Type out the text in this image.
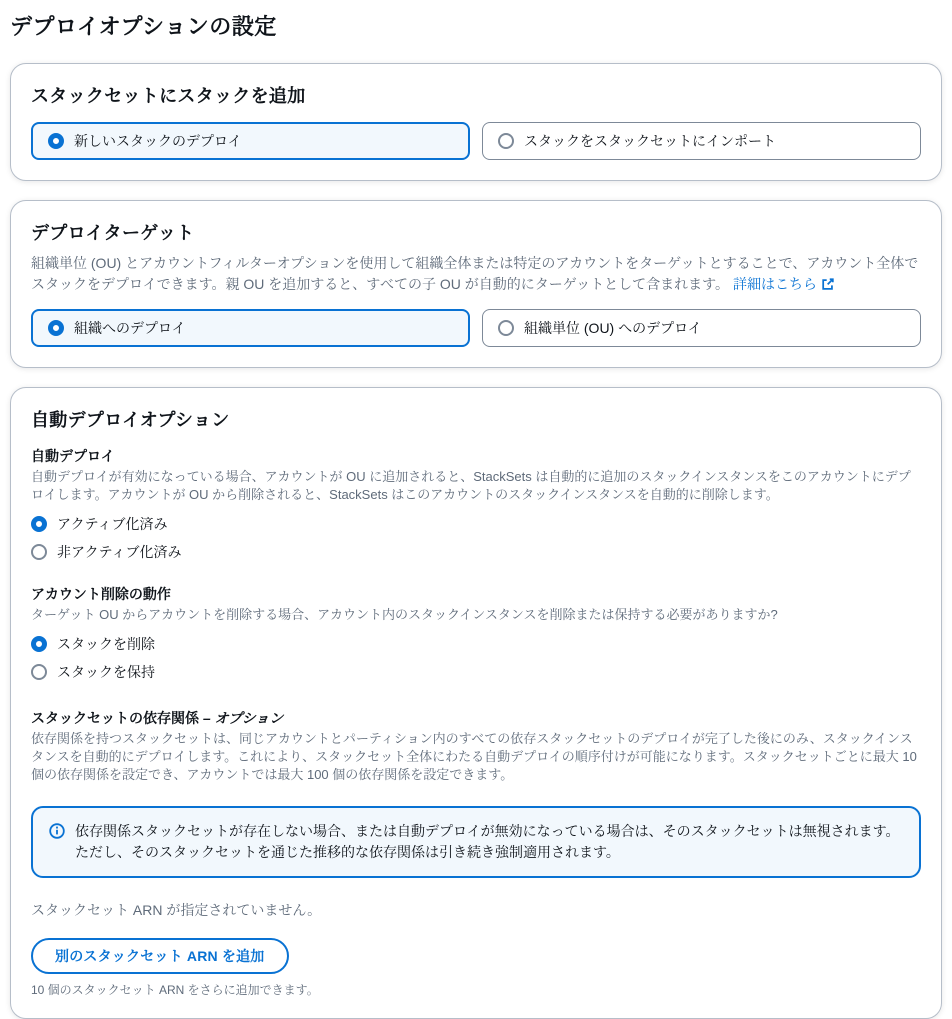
デプロイオプションの設定
スタックセットにスタックを追加
新しいスタックのデプロイ	スタックをスタックセットにインポート
デプロイターゲット

組織単位 (OU) とアカウントフィルターオプションを使用して組織全体または特定のアカウントをターゲットとすることで、アカウント全体でスタックをデプロイできます。親 OU を追加すると、すべての子 OU が自動的にターゲットとして含まれます。 詳細はこちら

組織へのデプロイ	組織単位 (OU) へのデプロイ
自動デプロイオプション
自動デプロイ
自動デプロイが有効になっている場合、アカウントが OU に追加されると、StackSets は自動的に追加のスタックインスタンスをこのアカウントにデプロイします。アカウントが OU から削除されると、StackSets はこのアカウントのスタックインスタンスを自動的に削除します。
アクティブ化済み
非アクティブ化済み
アカウント削除の動作
ターゲット OU からアカウントを削除する場合、アカウント内のスタックインスタンスを削除または保持する必要がありますか?
スタックを削除
スタックを保持
スタックセットの依存関係 – オプション
依存関係を持つスタックセットは、同じアカウントとパーティション内のすべての依存スタックセットのデプロイが完了した後にのみ、スタックインスタンスを自動的にデプロイします。これにより、スタックセット全体にわたる自動デプロイの順序付けが可能になります。スタックセットごとに最大 10 個の依存関係を設定でき、アカウントでは最大 100 個の依存関係を設定できます。
依存関係スタックセットが存在しない場合、または自動デプロイが無効になっている場合は、そのスタックセットは無視されます。ただし、そのスタックセットを通じた推移的な依存関係は引き続き強制適用されます。
スタックセット ARN が指定されていません。
別のスタックセット ARN を追加
10 個のスタックセット ARN をさらに追加できます。
